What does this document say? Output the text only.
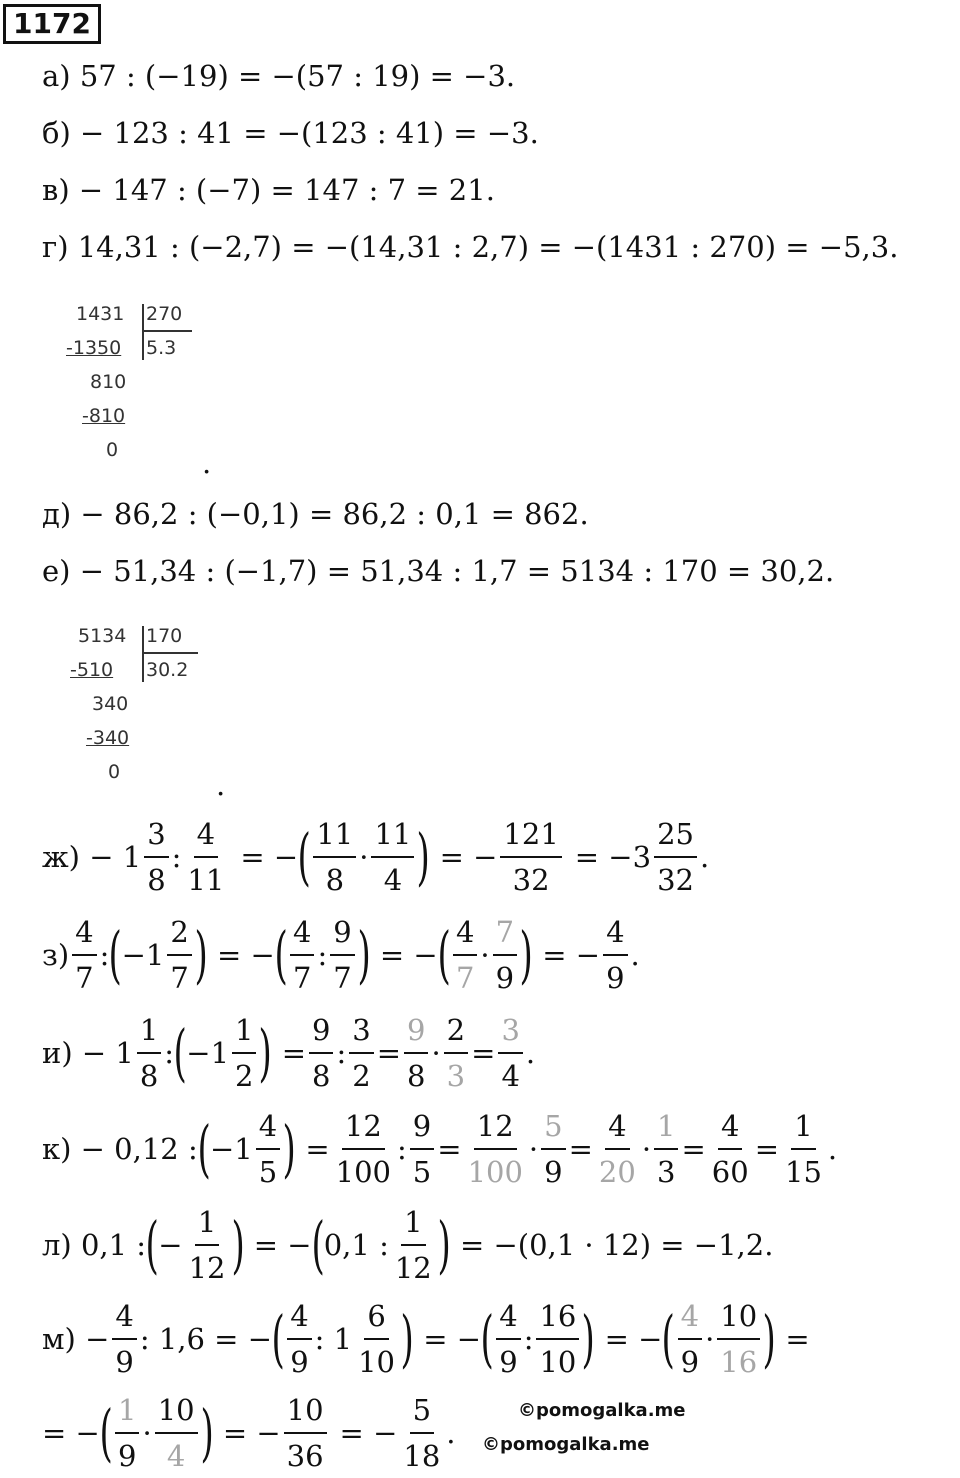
1172
а) 57 : (−19) = −(57 : 19) = −3.
б) − 123 : 41 = −(123 : 41) = −3.
в) − 147 : (−7) = 147 : 7 = 21.
г) 14,31 : (−2,7) = −(14,31 : 2,7) = −(1431 : 270) = −5,3.
1431 270
-1350 5.3
810
-810
0	.
д) − 86,2 : (−0,1) = 86,2 : 0,1 = 862.
е) − 51,34 : (−1,7) = 51,34 : 1,7 = 5134 : 170 = 30,2.
5134 170
-510 30.2
340
-340
0	.
$ж) - 1 \frac{3}{8}$ : $\frac{4}{11}$ = − ( $\frac{11}{8} \cdot \frac{11}{4}$ ) = − $\frac{121}{32} = -3 \frac{25}{32}$ .
$з) \frac{4}{7}$ : ( $-1 \frac{2}{7}$ ) = − ( $\frac{4}{7}$ : $\frac{9}{7}$ ) = − ( $\frac{4}{7} \cdot \frac{7}{9}$ ) = − $\frac{4}{9}$ .
$и) - 1 \frac{1}{8}$ : ( $-1 \frac{1}{2}$ ) = $\frac{9}{8}$ : $\frac{3}{2} = \frac{9}{8} \cdot \frac{2}{3} = \frac{3}{4}$ .
к) − 0,12 : ( $-1 \frac{4}{5}$ ) = $\frac{12}{100}$ : $\frac{9}{5} = \frac{12}{100} \cdot \frac{5}{9} = \frac{4}{20} \cdot \frac{1}{3} = \frac{4}{60} = \frac{1}{15}$ .
л) 0,1 : ( − $\frac{1}{12}$ ) = − ( 0,1 : $\frac{1}{12}$ ) = −(0,1 · 12) = −1,2.
$м) - \frac{4}{9}$ : 1,6 = − ( $\frac{4}{9}$ : $1 \frac{6}{10}$ ) = − ( $\frac{4}{9}$ : $\frac{16}{10}$ ) = − ( $\frac{4}{9} \cdot \frac{10}{16}$ ) =
= − ( $\frac{1}{9} \cdot \frac{10}{4}$ ) = − $\frac{10}{36}$ = − $\frac{5}{18}$ .
©pomogalka.me
©pomogalka.me
